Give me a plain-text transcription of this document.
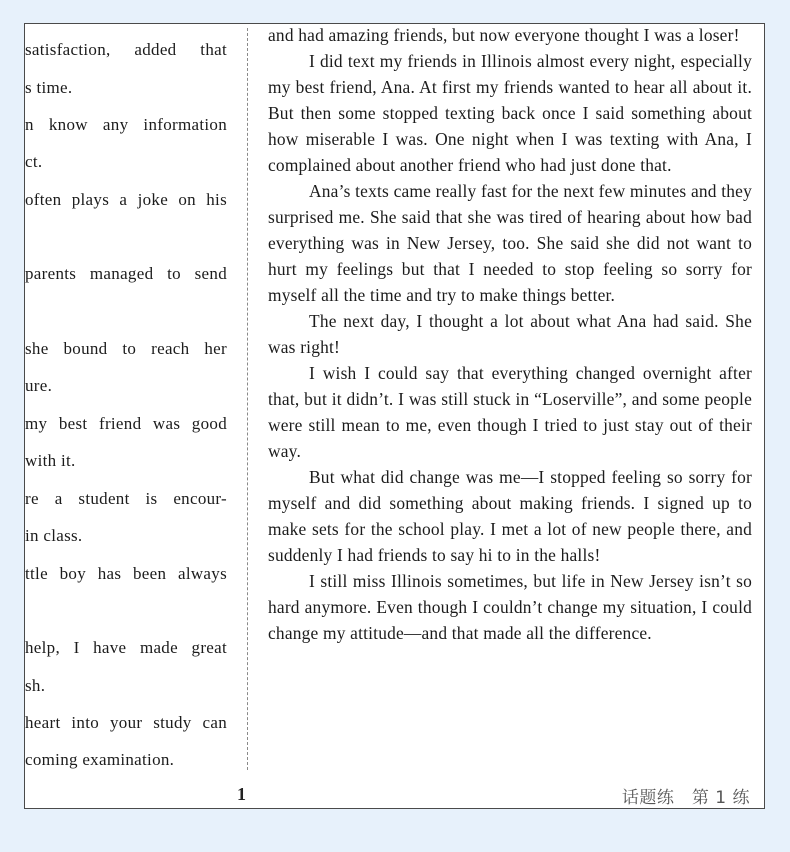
satisfaction, added that
s time.
n know any information
ct.
often plays a joke on his
parents managed to send
she bound to reach her
ure.
my best friend was good
with it.
re a student is encour-
in class.
ttle boy has been always
help, I have made great
sh.
heart into your study can
coming examination.
1

and had amazing friends, but now everyone thought I was a loser!

I did text my friends in Illinois almost every night, especially my best friend, Ana. At first my friends wanted to hear all about it. But then some stopped texting back once I said something about how miserable I was. One night when I was texting with Ana, I complained about another friend who had just done that.

Ana’s texts came really fast for the next few minutes and they surprised me. She said that she was tired of hearing about how bad everything was in New Jersey, too. She said she did not want to hurt my feelings but that I needed to stop feeling so sorry for myself all the time and try to make things better.

The next day, I thought a lot about what Ana had said. She was right!

I wish I could say that everything changed overnight after that, but it didn’t. I was still stuck in “Loserville”, and some people were still mean to me, even though I tried to just stay out of their way.

But what did change was me—I stopped feeling so sorry for myself and did something about making friends. I signed up to make sets for the school play. I met a lot of new people there, and suddenly I had friends to say hi to in the halls!

I still miss Illinois sometimes, but life in New Jersey isn’t so hard anymore. Even though I couldn’t change my situation, I could change my attitude—and that made all the difference.

话题练　第 1 练
